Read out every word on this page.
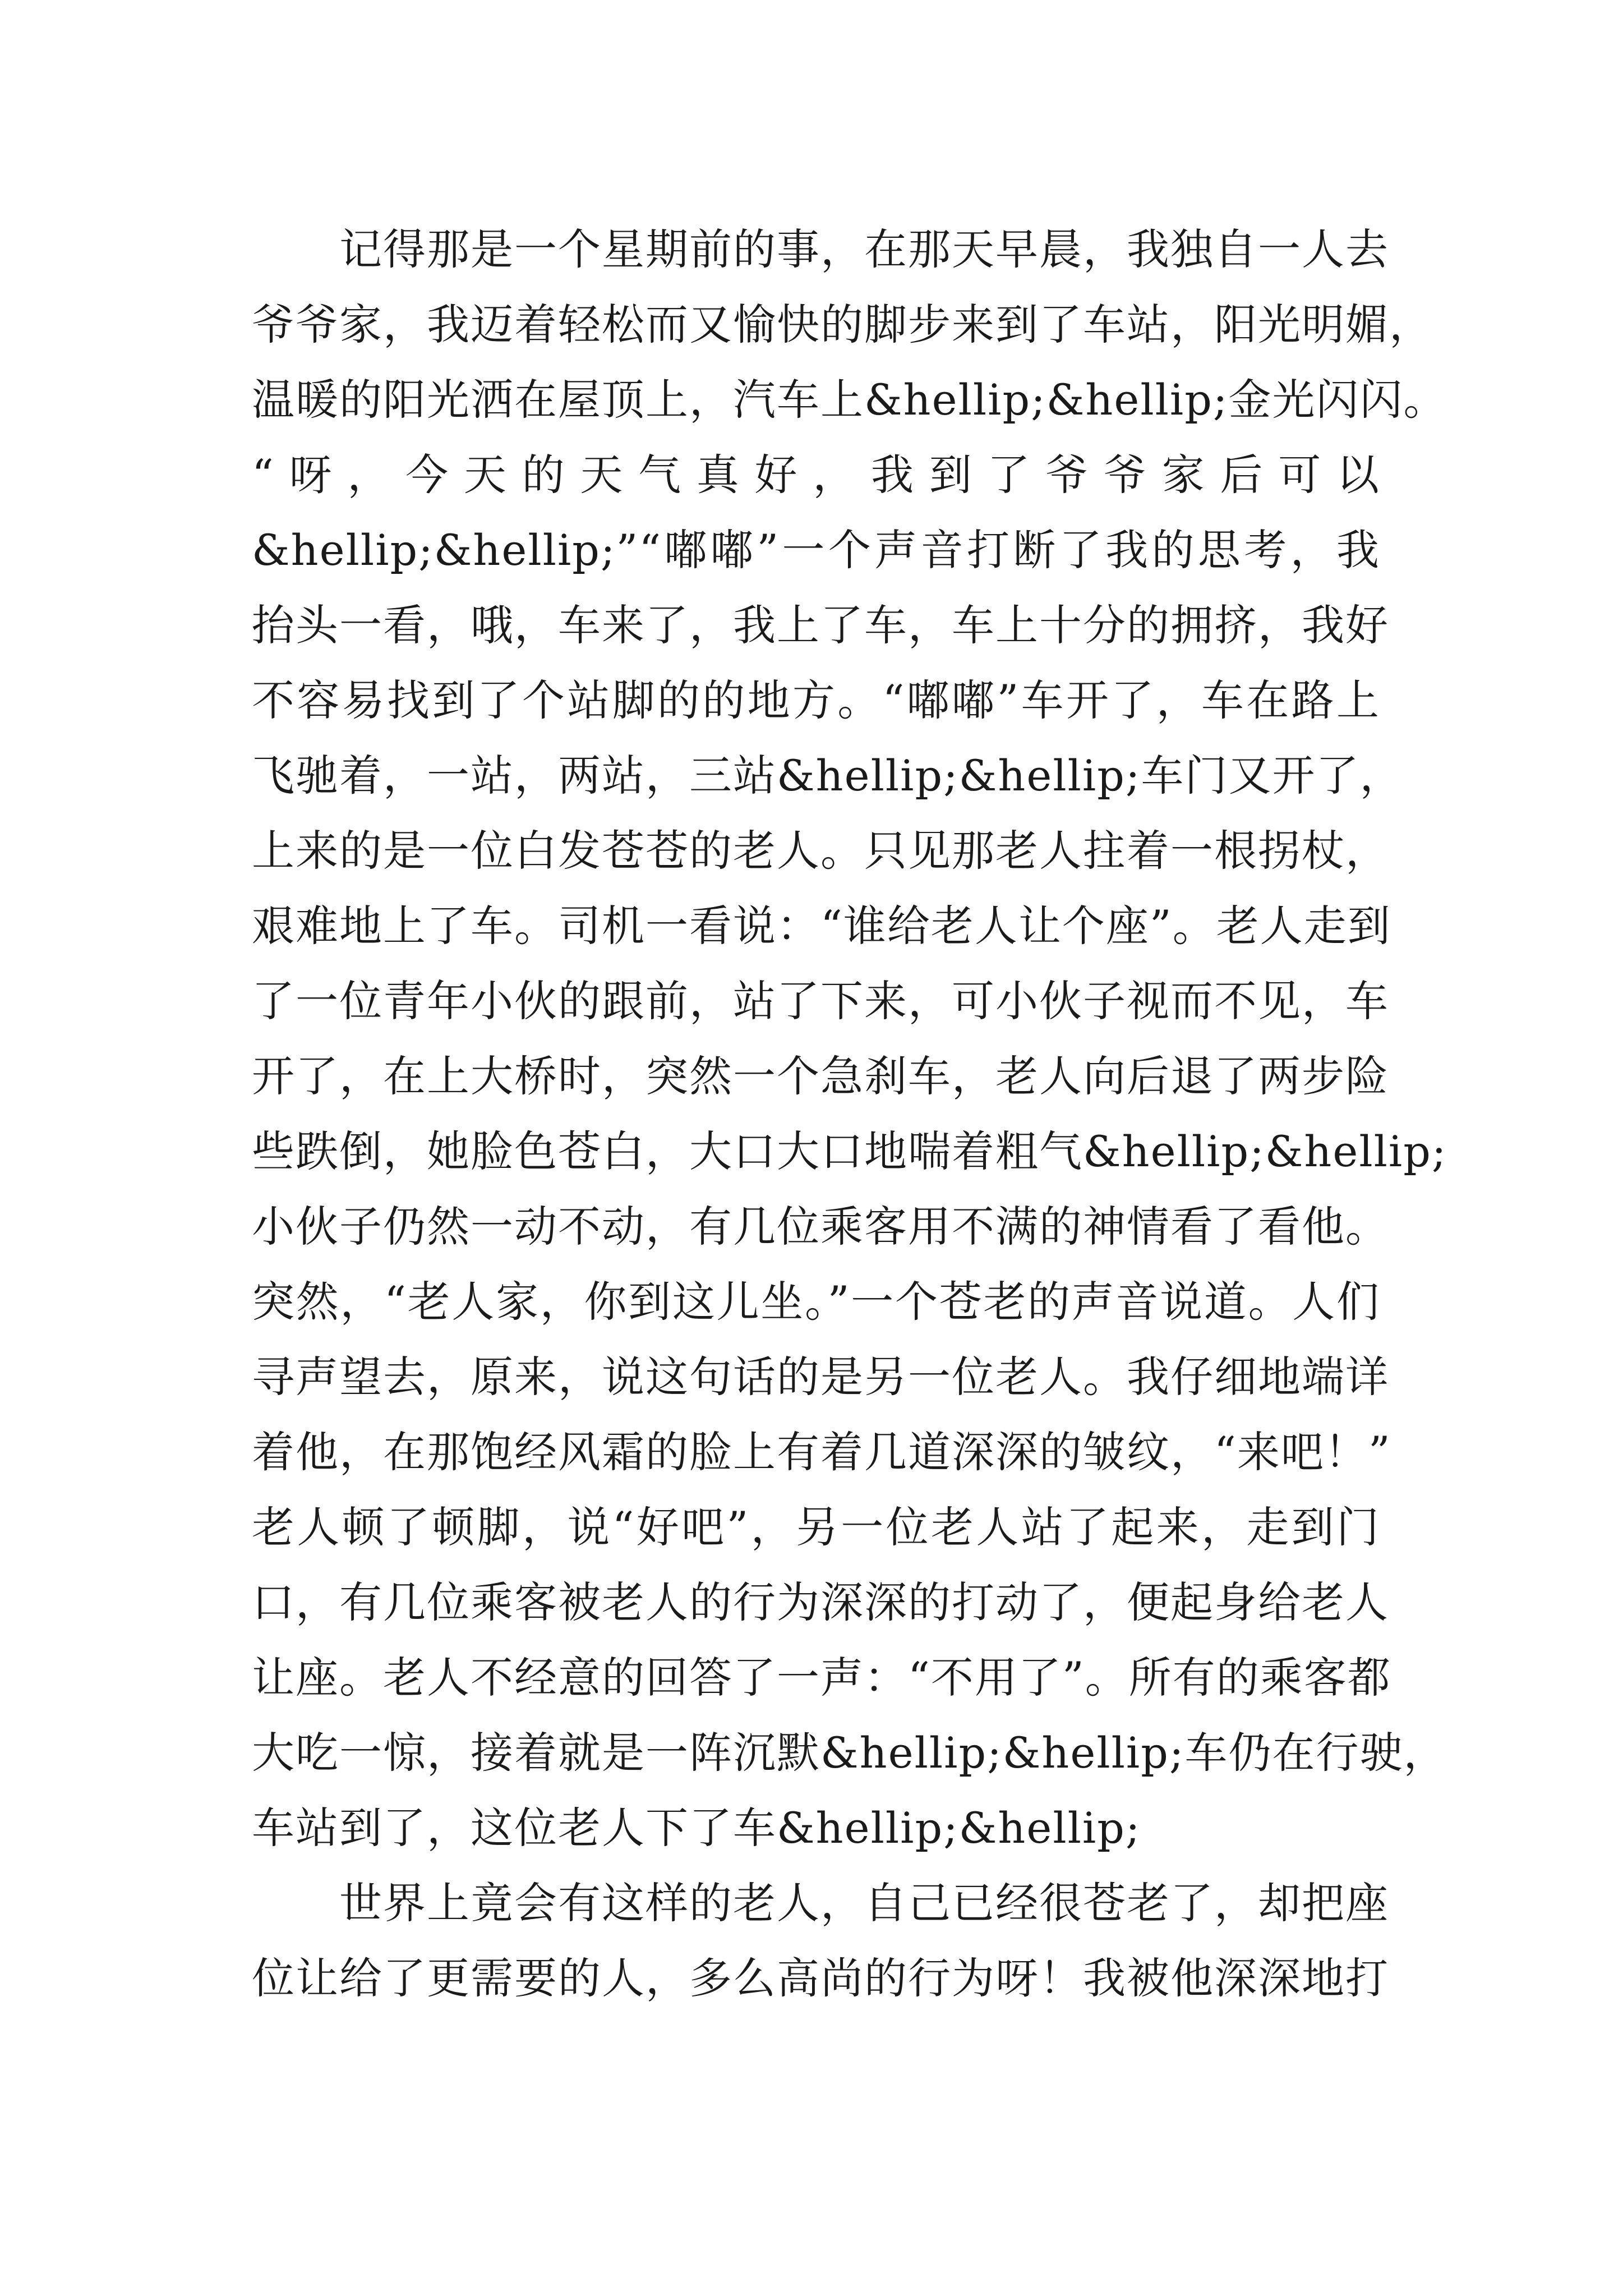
记得那是一个星期前的事，在那天早晨，我独自一人去
爷爷家，我迈着轻松而又愉快的脚步来到了车站，阳光明媚，
温暖的阳光洒在屋顶上，汽车上&hellip;&hellip;金光闪闪。
“呀，今天的天气真好，我到了爷爷家后可以
&hellip;&hellip;”“嘟嘟”一个声音打断了我的思考，我
抬头一看，哦，车来了，我上了车，车上十分的拥挤，我好
不容易找到了个站脚的的地方。“嘟嘟”车开了，车在路上
飞驰着，一站，两站，三站&hellip;&hellip;车门又开了，
上来的是一位白发苍苍的老人。只见那老人拄着一根拐杖，
艰难地上了车。司机一看说：“谁给老人让个座”。老人走到
了一位青年小伙的跟前，站了下来，可小伙子视而不见，车
开了，在上大桥时，突然一个急刹车，老人向后退了两步险
些跌倒，她脸色苍白，大口大口地喘着粗气&hellip;&hellip;
小伙子仍然一动不动，有几位乘客用不满的神情看了看他。
突然，“老人家，你到这儿坐。”一个苍老的声音说道。人们
寻声望去，原来，说这句话的是另一位老人。我仔细地端详
着他，在那饱经风霜的脸上有着几道深深的皱纹，“来吧！”
老人顿了顿脚，说“好吧”，另一位老人站了起来，走到门
口，有几位乘客被老人的行为深深的打动了，便起身给老人
让座。老人不经意的回答了一声：“不用了”。所有的乘客都
大吃一惊，接着就是一阵沉默&hellip;&hellip;车仍在行驶，
车站到了，这位老人下了车&hellip;&hellip;
世界上竟会有这样的老人，自己已经很苍老了，却把座
位让给了更需要的人，多么高尚的行为呀！我被他深深地打
